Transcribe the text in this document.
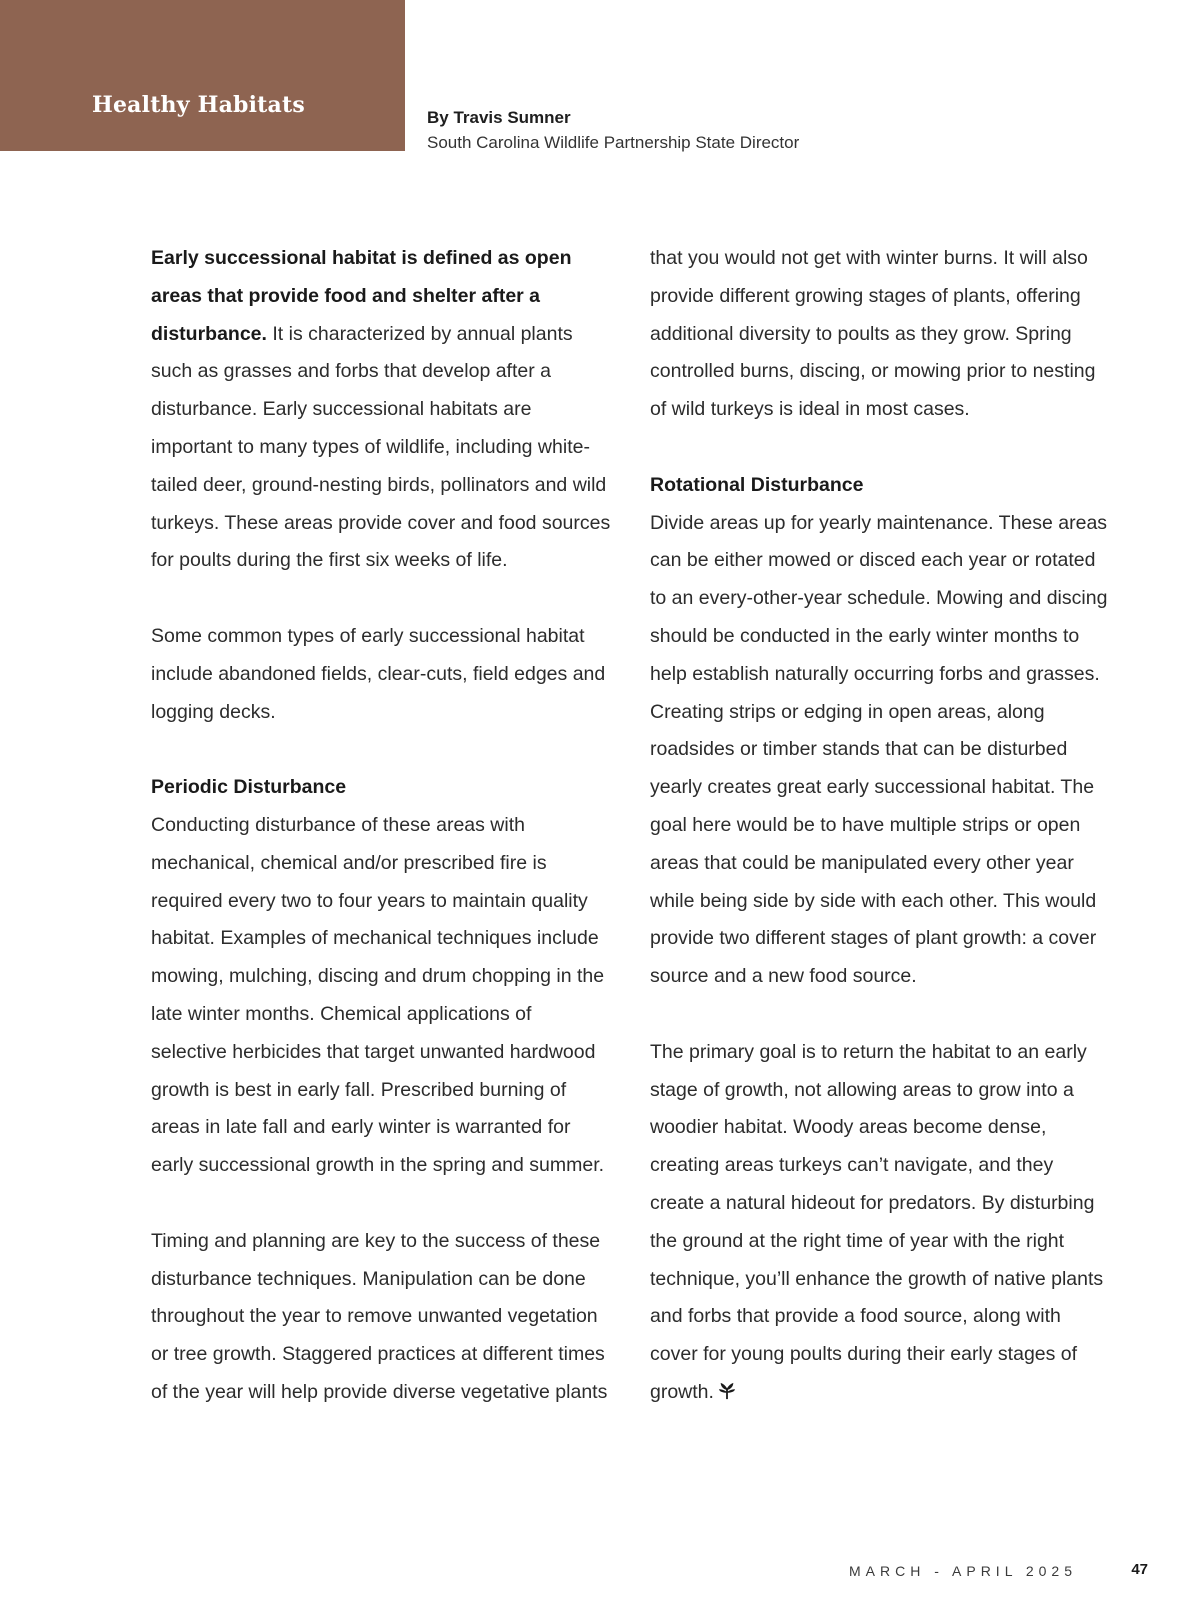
Healthy Habitats	By Travis Sumner

South Carolina Wildlife Partnership State Director

Early successional habitat is defined as open areas that provide food and shelter after a disturbance. It is characterized by annual plants such as grasses and forbs that develop after a disturbance. Early successional habitats are important to many types of wildlife, including white-tailed deer, ground-nesting birds, pollinators and wild turkeys. These areas provide cover and food sources for poults during the first six weeks of life.

Some common types of early successional habitat include abandoned fields, clear-cuts, field edges and logging decks.

Periodic Disturbance
Conducting disturbance of these areas with mechanical, chemical and/or prescribed fire is required every two to four years to maintain quality habitat. Examples of mechanical techniques include mowing, mulching, discing and drum chopping in the late winter months. Chemical applications of selective herbicides that target unwanted hardwood growth is best in early fall. Prescribed burning of areas in late fall and early winter is warranted for early successional growth in the spring and summer.

Timing and planning are key to the success of these disturbance techniques. Manipulation can be done throughout the year to remove unwanted vegetation or tree growth. Staggered practices at different times of the year will help provide diverse vegetative plants

that you would not get with winter burns. It will also provide different growing stages of plants, offering additional diversity to poults as they grow. Spring controlled burns, discing, or mowing prior to nesting of wild turkeys is ideal in most cases.

Rotational Disturbance
Divide areas up for yearly maintenance. These areas can be either mowed or disced each year or rotated to an every-other-year schedule. Mowing and discing should be conducted in the early winter months to help establish naturally occurring forbs and grasses. Creating strips or edging in open areas, along roadsides or timber stands that can be disturbed yearly creates great early successional habitat. The goal here would be to have multiple strips or open areas that could be manipulated every other year while being side by side with each other. This would provide two different stages of plant growth: a cover source and a new food source.

The primary goal is to return the habitat to an early stage of growth, not allowing areas to grow into a woodier habitat. Woody areas become dense, creating areas turkeys can’t navigate, and they create a natural hideout for predators. By disturbing the ground at the right time of year with the right technique, you’ll enhance the growth of native plants and forbs that provide a food source, along with cover for young poults during their early stages of growth.

MARCH - APRIL 2025	47
